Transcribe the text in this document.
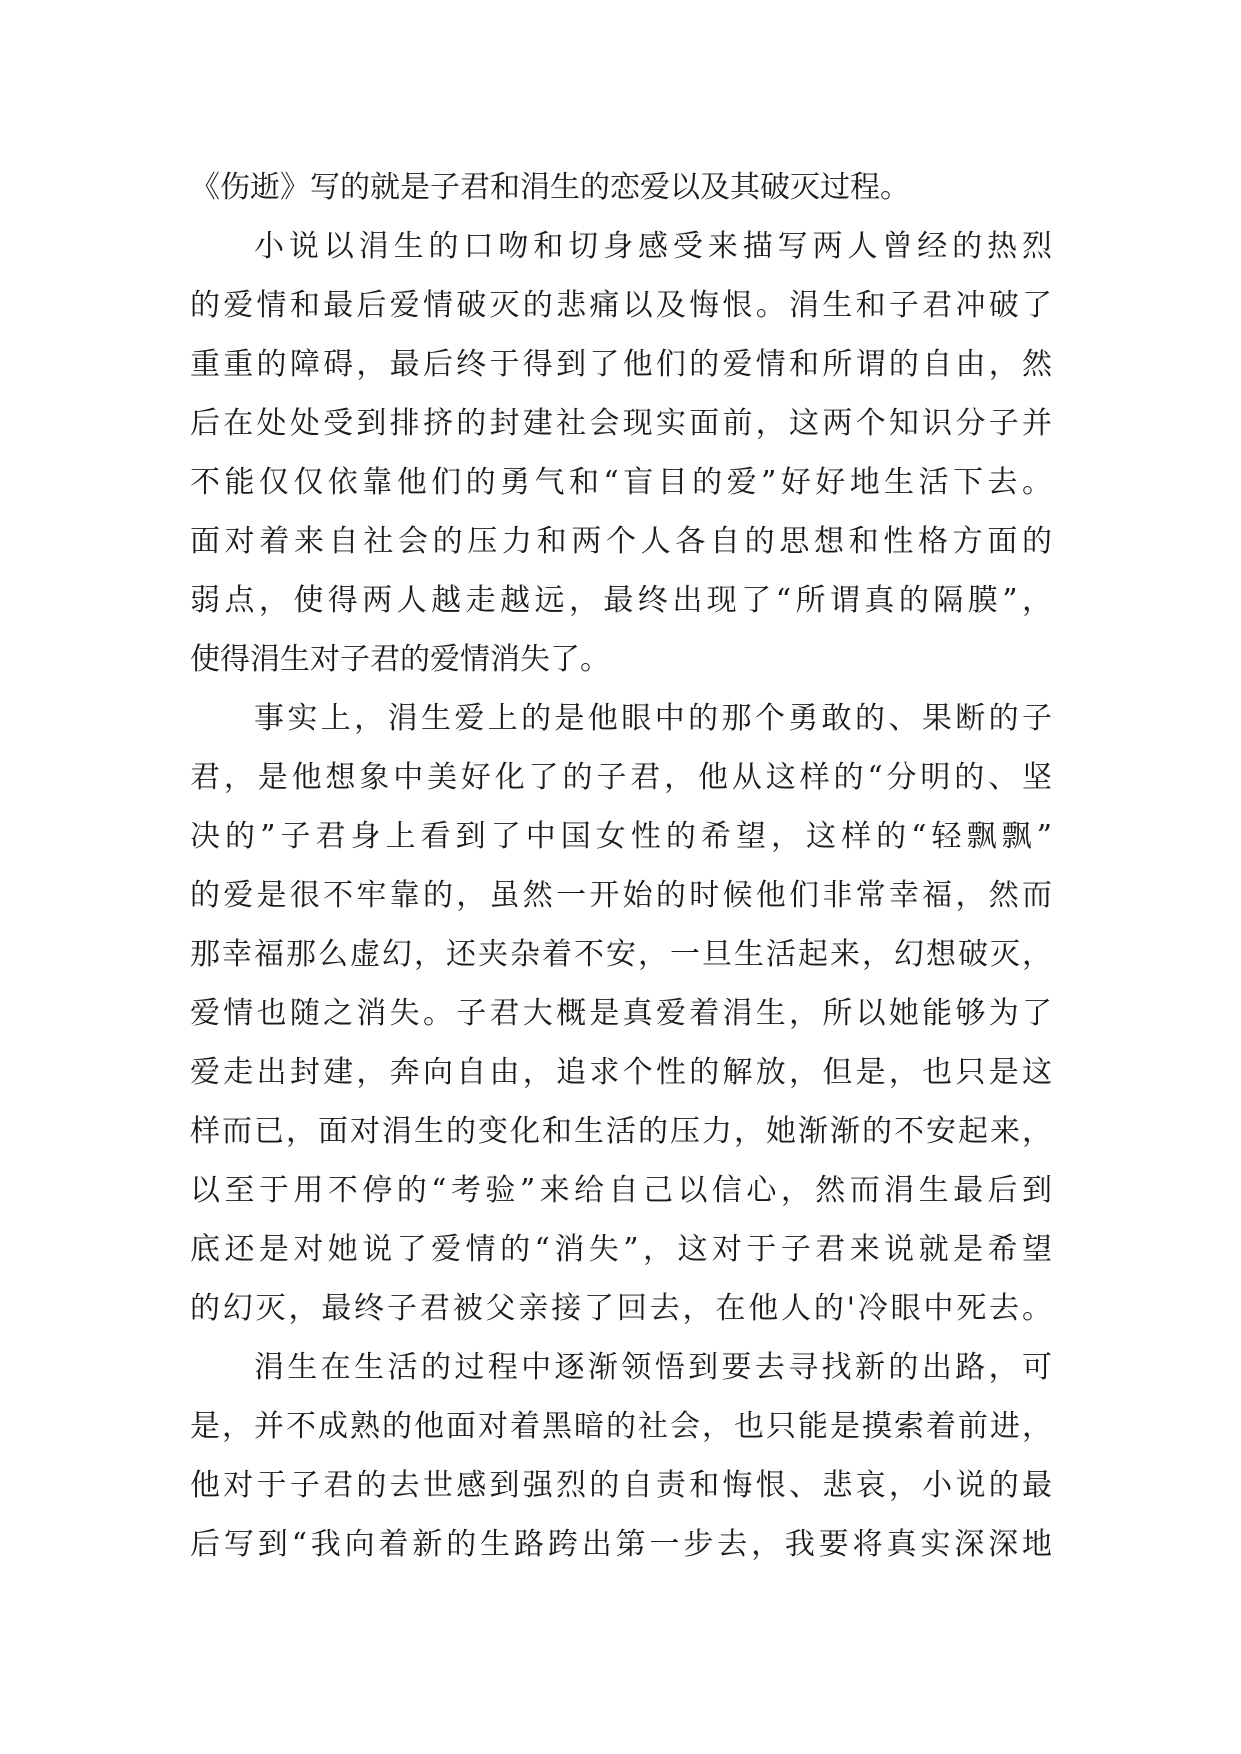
《伤逝》写的就是子君和涓生的恋爱以及其破灭过程。
小说以涓生的口吻和切身感受来描写两人曾经的热烈
的爱情和最后爱情破灭的悲痛以及悔恨。涓生和子君冲破了
重重的障碍，最后终于得到了他们的爱情和所谓的自由，然
后在处处受到排挤的封建社会现实面前，这两个知识分子并
不能仅仅依靠他们的勇气和“盲目的爱”好好地生活下去。
面对着来自社会的压力和两个人各自的思想和性格方面的
弱点，使得两人越走越远，最终出现了“所谓真的隔膜”，
使得涓生对子君的爱情消失了。
事实上，涓生爱上的是他眼中的那个勇敢的、果断的子
君，是他想象中美好化了的子君，他从这样的“分明的、坚
决的”子君身上看到了中国女性的希望，这样的“轻飘飘”
的爱是很不牢靠的，虽然一开始的时候他们非常幸福，然而
那幸福那么虚幻，还夹杂着不安，一旦生活起来，幻想破灭，
爱情也随之消失。子君大概是真爱着涓生，所以她能够为了
爱走出封建，奔向自由，追求个性的解放，但是，也只是这
样而已，面对涓生的变化和生活的压力，她渐渐的不安起来，
以至于用不停的“考验”来给自己以信心，然而涓生最后到
底还是对她说了爱情的“消失”，这对于子君来说就是希望
的幻灭，最终子君被父亲接了回去，在他人的'冷眼中死去。
涓生在生活的过程中逐渐领悟到要去寻找新的出路，可
是，并不成熟的他面对着黑暗的社会，也只能是摸索着前进，
他对于子君的去世感到强烈的自责和悔恨、悲哀，小说的最
后写到“我向着新的生路跨出第一步去，我要将真实深深地
